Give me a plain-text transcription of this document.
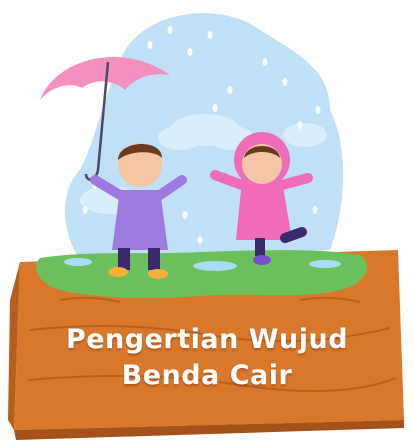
Pengertian Wujud
Benda Cair
